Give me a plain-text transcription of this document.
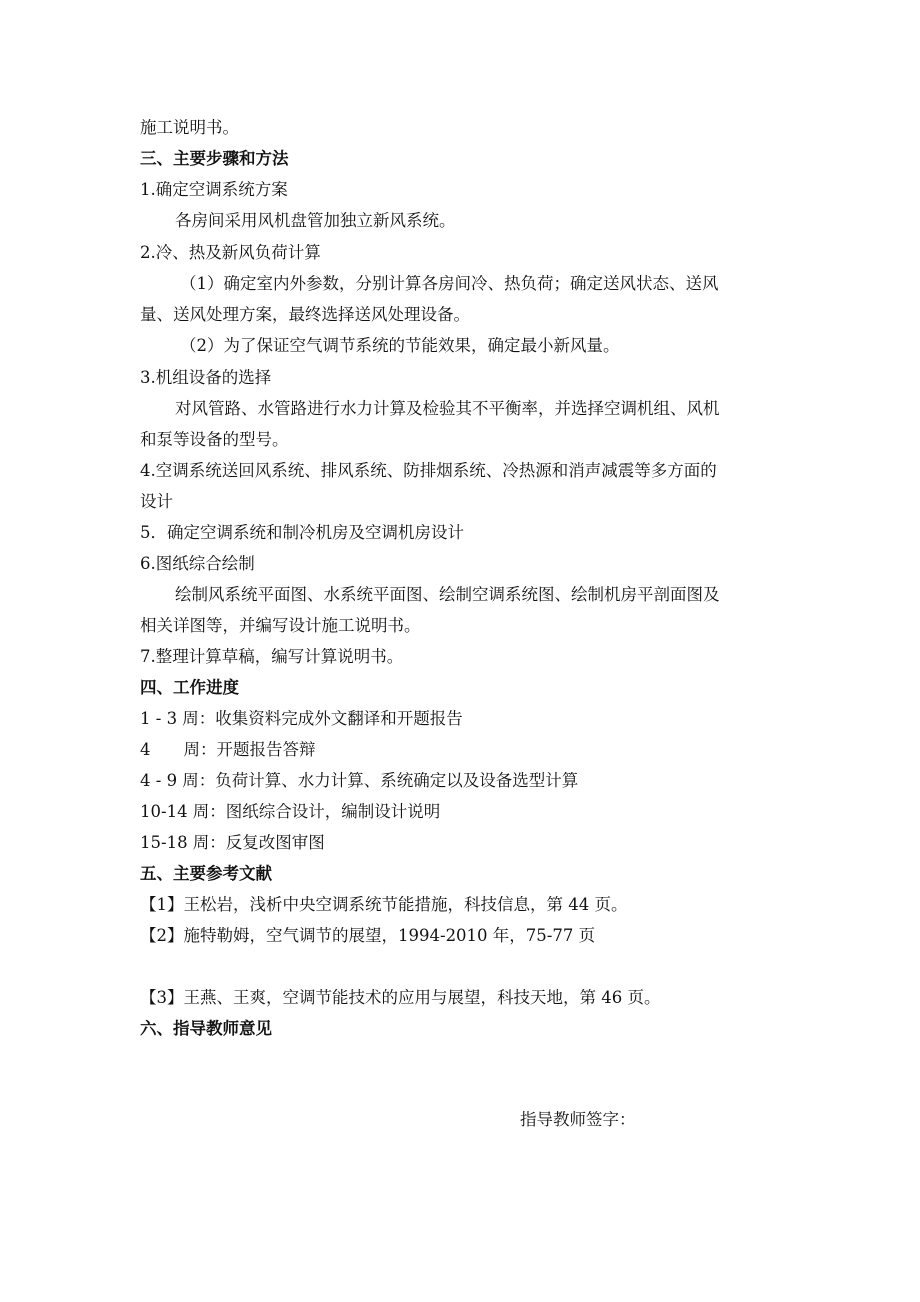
施工说明书。
三、主要步骤和方法
1.确定空调系统方案
各房间采用风机盘管加独立新风系统。
2.冷、热及新风负荷计算
（1）确定室内外参数，分别计算各房间冷、热负荷；确定送风状态、送风
量、送风处理方案，最终选择送风处理设备。
（2）为了保证空气调节系统的节能效果，确定最小新风量。
3.机组设备的选择
对风管路、水管路进行水力计算及检验其不平衡率，并选择空调机组、风机
和泵等设备的型号。
4.空调系统送回风系统、排风系统、防排烟系统、冷热源和消声减震等多方面的
设计
5．确定空调系统和制冷机房及空调机房设计
6.图纸综合绘制
绘制风系统平面图、水系统平面图、绘制空调系统图、绘制机房平剖面图及
相关详图等，并编写设计施工说明书。
7.整理计算草稿，编写计算说明书。
四、工作进度
1 - 3 周：收集资料完成外文翻译和开题报告
4　　周：开题报告答辩
4 - 9 周：负荷计算、水力计算、系统确定以及设备选型计算
10-14 周：图纸综合设计，编制设计说明
15-18 周：反复改图审图
五、主要参考文献
【1】王松岩，浅析中央空调系统节能措施，科技信息，第 44 页。
【2】施特勒姆，空气调节的展望，1994-2010 年，75-77 页
【3】王燕、王爽，空调节能技术的应用与展望，科技天地，第 46 页。
六、指导教师意见
指导教师签字：
